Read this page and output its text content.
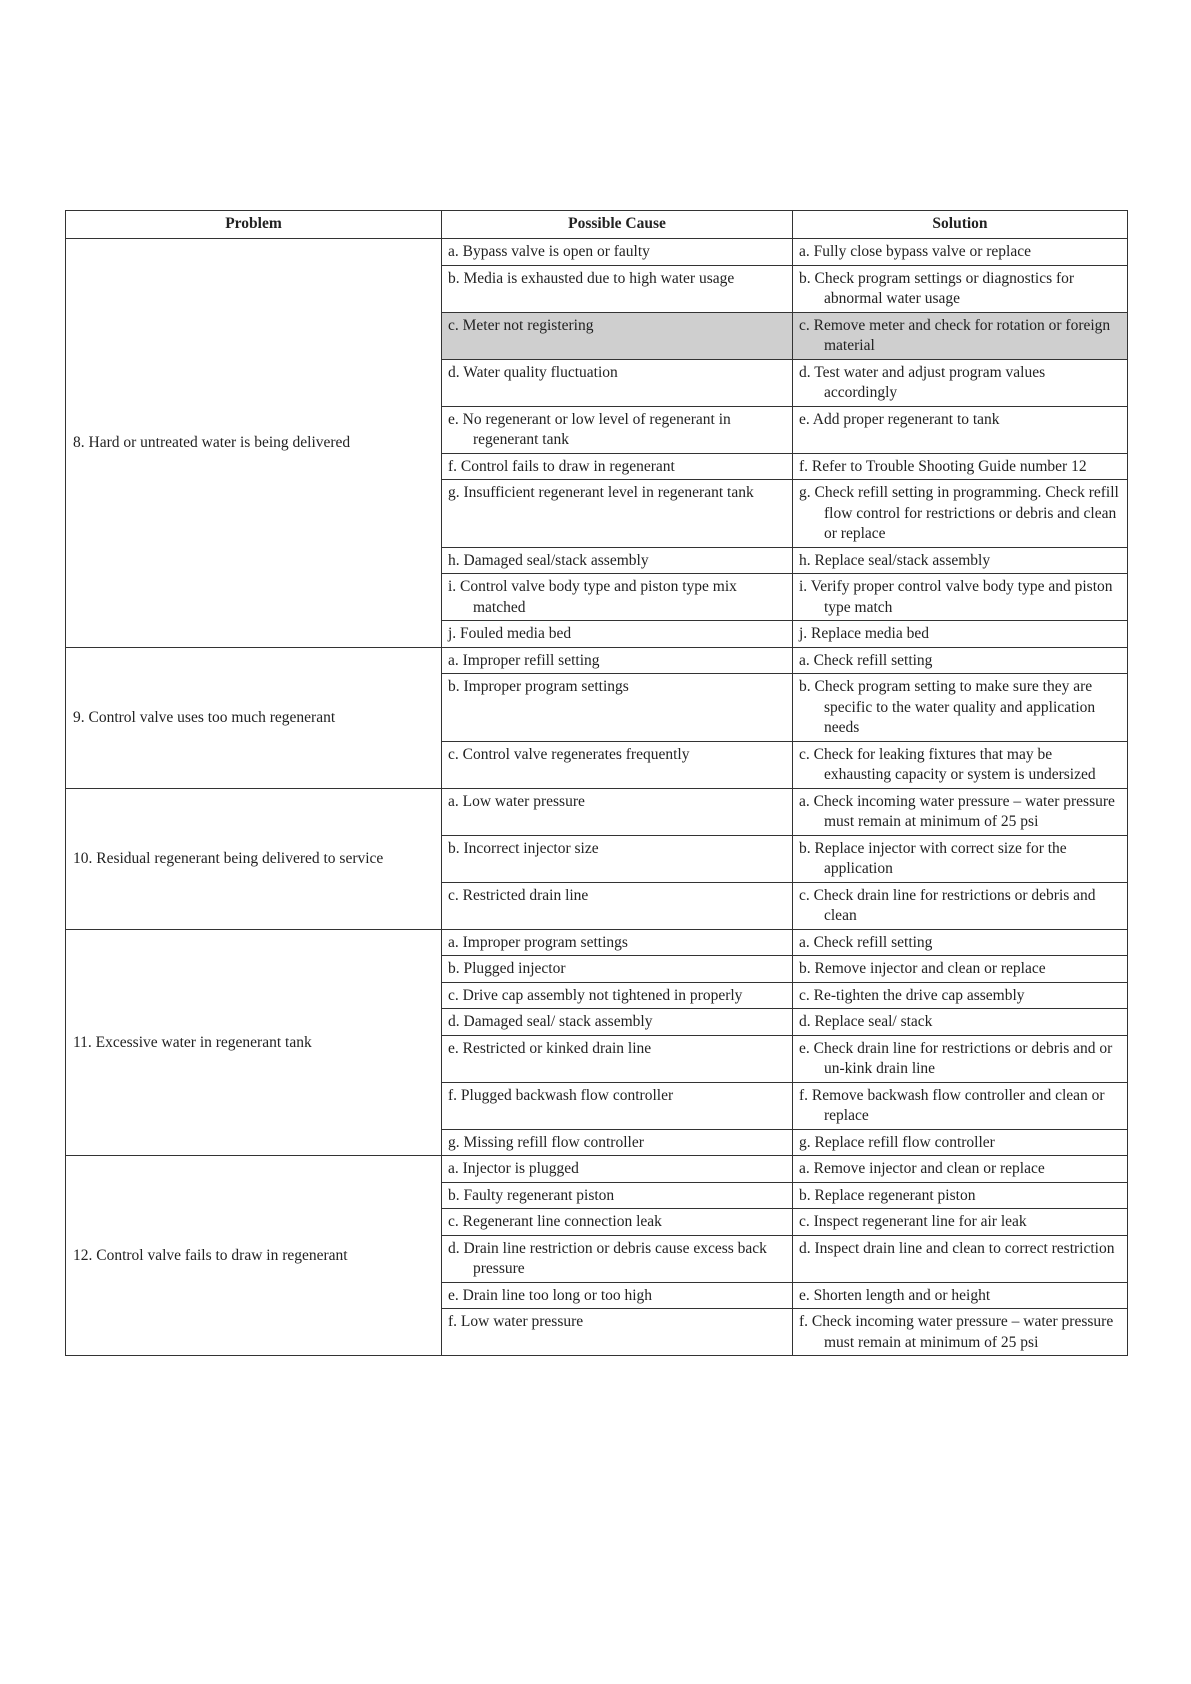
Problem	Possible Cause	Solution
8. Hard or untreated water is being delivered	a. Bypass valve is open or faulty	a. Fully close bypass valve or replace

	b. Media is exhausted due to high water usage	b. Check program settings or diagnostics for abnormal water usage

	c. Meter not registering	c. Remove meter and check for rotation or foreign material

	d. Water quality fluctuation	d. Test water and adjust program values accordingly

	e. No regenerant or low level of regenerant in regenerant tank	e. Add proper regenerant to tank

	f. Control fails to draw in regenerant	f. Refer to Trouble Shooting Guide number 12

	g. Insufficient regenerant level in regenerant tank	g. Check refill setting in programming. Check refill flow control for restrictions or debris and clean or replace

	h. Damaged seal/stack assembly	h. Replace seal/stack assembly

	i. Control valve body type and piston type mix matched	i. Verify proper control valve body type and piston type match

	j. Fouled media bed	j. Replace media bed

9. Control valve uses too much regenerant	a. Improper refill setting	a. Check refill setting

	b. Improper program settings	b. Check program setting to make sure they are specific to the water quality and application needs

	c. Control valve regenerates frequently	c. Check for leaking fixtures that may be exhausting capacity or system is undersized

10. Residual regenerant being delivered to service	a. Low water pressure	a. Check incoming water pressure – water pressure must remain at minimum of 25 psi

	b. Incorrect injector size	b. Replace injector with correct size for the application

	c. Restricted drain line	c. Check drain line for restrictions or debris and clean

11. Excessive water in regenerant tank	a. Improper program settings	a. Check refill setting

	b. Plugged injector	b. Remove injector and clean or replace

	c. Drive cap assembly not tightened in properly	c. Re-tighten the drive cap assembly

	d. Damaged seal/ stack assembly	d. Replace seal/ stack

	e. Restricted or kinked drain line	e. Check drain line for restrictions or debris and or un-kink drain line

	f. Plugged backwash flow controller	f. Remove backwash flow controller and clean or replace

	g. Missing refill flow controller	g. Replace refill flow controller

12. Control valve fails to draw in regenerant	a. Injector is plugged	a. Remove injector and clean or replace

	b. Faulty regenerant piston	b. Replace regenerant piston

	c. Regenerant line connection leak	c. Inspect regenerant line for air leak

	d. Drain line restriction or debris cause excess back pressure	d. Inspect drain line and clean to correct restriction

	e. Drain line too long or too high	e. Shorten length and or height

	f. Low water pressure	f. Check incoming water pressure – water pressure must remain at minimum of 25 psi
